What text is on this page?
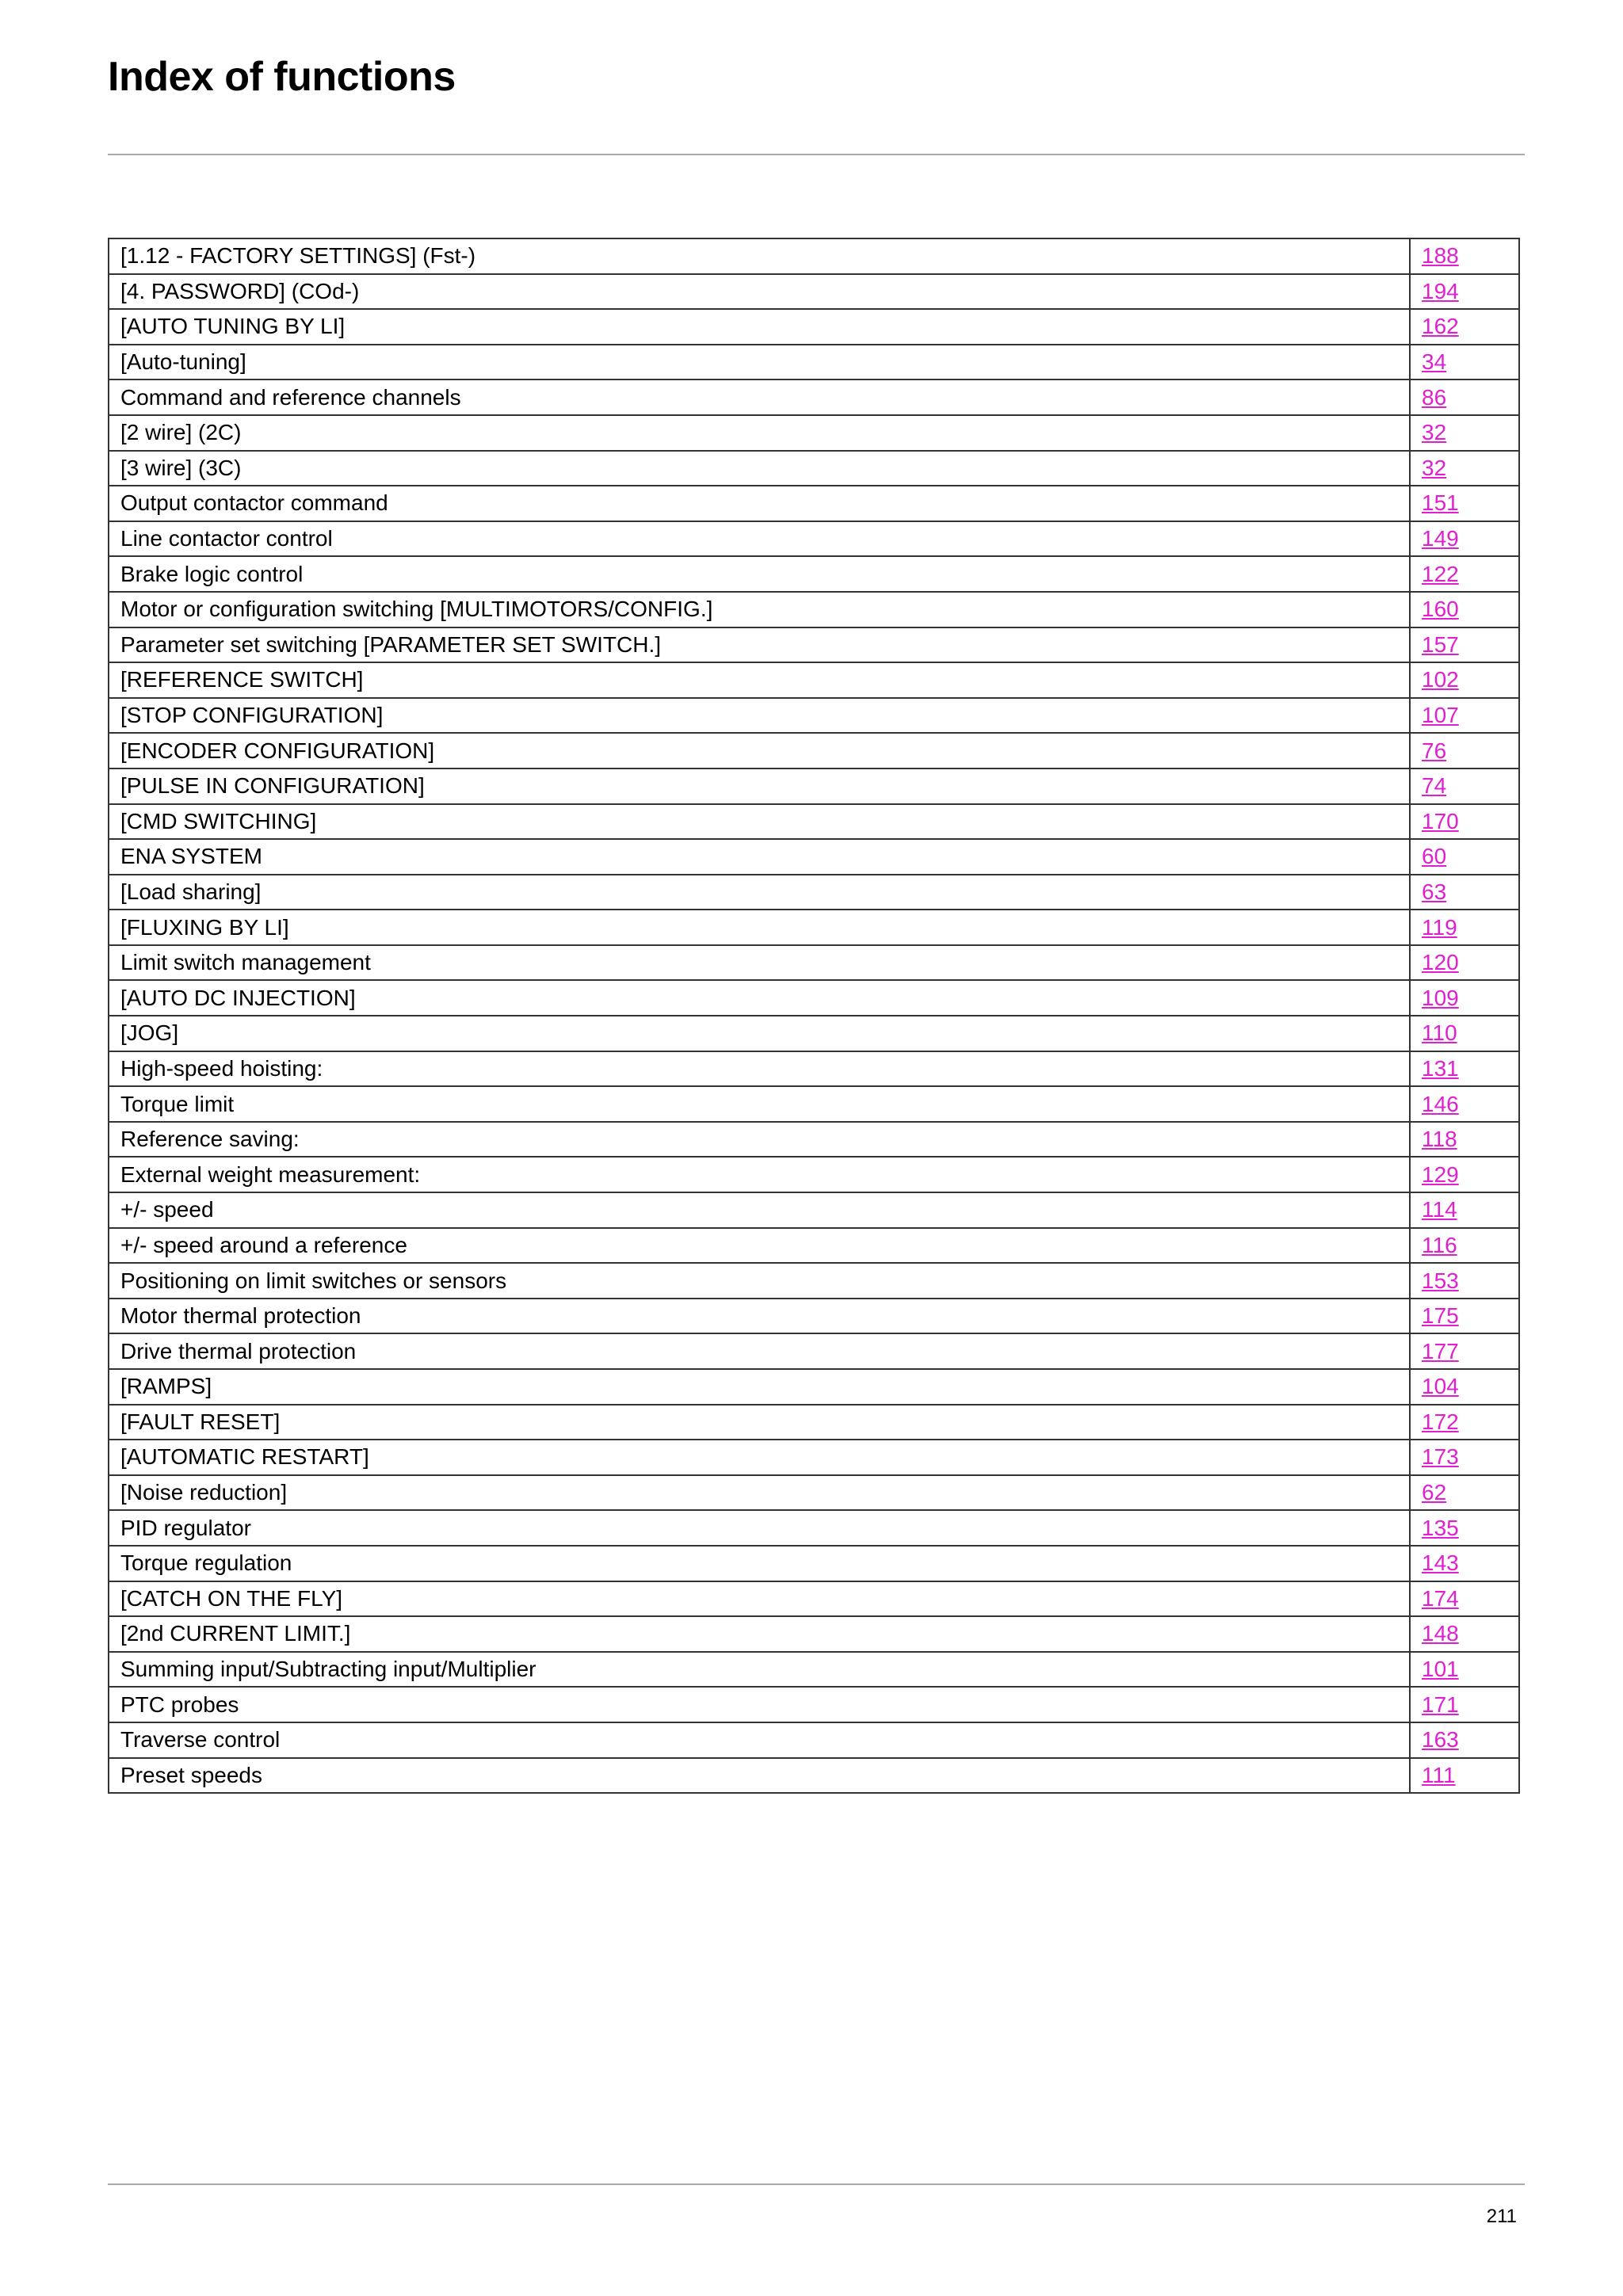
Index of functions
[1.12 - FACTORY SETTINGS] (Fst-)	188
[4. PASSWORD] (COd-)	194
[AUTO TUNING BY LI]	162
[Auto-tuning]	34
Command and reference channels	86
[2 wire] (2C)	32
[3 wire] (3C)	32
Output contactor command	151
Line contactor control	149
Brake logic control	122
Motor or configuration switching [MULTIMOTORS/CONFIG.]	160
Parameter set switching [PARAMETER SET SWITCH.]	157
[REFERENCE SWITCH]	102
[STOP CONFIGURATION]	107
[ENCODER CONFIGURATION]	76
[PULSE IN CONFIGURATION]	74
[CMD SWITCHING]	170
ENA SYSTEM	60
[Load sharing]	63
[FLUXING BY LI]	119
Limit switch management	120
[AUTO DC INJECTION]	109
[JOG]	110
High-speed hoisting:	131
Torque limit	146
Reference saving:	118
External weight measurement:	129
+/- speed	114
+/- speed around a reference	116
Positioning on limit switches or sensors	153
Motor thermal protection	175
Drive thermal protection	177
[RAMPS]	104
[FAULT RESET]	172
[AUTOMATIC RESTART]	173
[Noise reduction]	62
PID regulator	135
Torque regulation	143
[CATCH ON THE FLY]	174
[2nd CURRENT LIMIT.]	148
Summing input/Subtracting input/Multiplier	101
PTC probes	171
Traverse control	163
Preset speeds	111
211
